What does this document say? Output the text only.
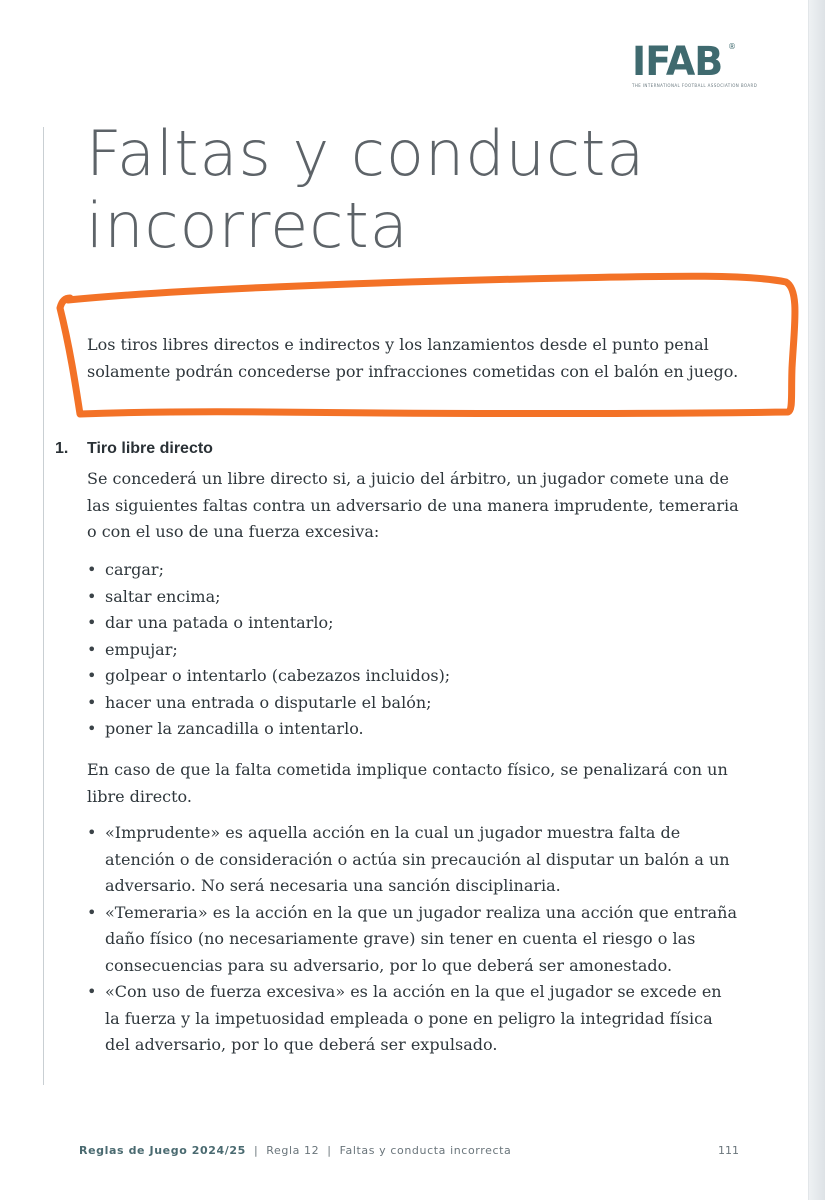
IFAB ®
THE INTERNATIONAL FOOTBALL ASSOCIATION BOARD
Faltas y conducta
incorrecta

Los tiros libres directos e indirectos y los lanzamientos desde el punto penal solamente podrán concederse por infracciones cometidas con el balón en juego.

1. Tiro libre directo

Se concederá un libre directo si, a juicio del árbitro, un jugador comete una de las siguientes faltas contra un adversario de una manera imprudente, temeraria o con el uso de una fuerza excesiva:

• cargar;
• saltar encima;
• dar una patada o intentarlo;
• empujar;
• golpear o intentarlo (cabezazos incluidos);
• hacer una entrada o disputarle el balón;
• poner la zancadilla o intentarlo.

En caso de que la falta cometida implique contacto físico, se penalizará con un libre directo.

• «Imprudente» es aquella acción en la cual un jugador muestra falta de atención o de consideración o actúa sin precaución al disputar un balón a un adversario. No será necesaria una sanción disciplinaria.
• «Temeraria» es la acción en la que un jugador realiza una acción que entraña daño físico (no necesariamente grave) sin tener en cuenta el riesgo o las consecuencias para su adversario, por lo que deberá ser amonestado.
• «Con uso de fuerza excesiva» es la acción en la que el jugador se excede en la fuerza y la impetuosidad empleada o pone en peligro la integridad física del adversario, por lo que deberá ser expulsado.
Reglas de Juego 2024/25 | Regla 12 | Faltas y conducta incorrecta	111
